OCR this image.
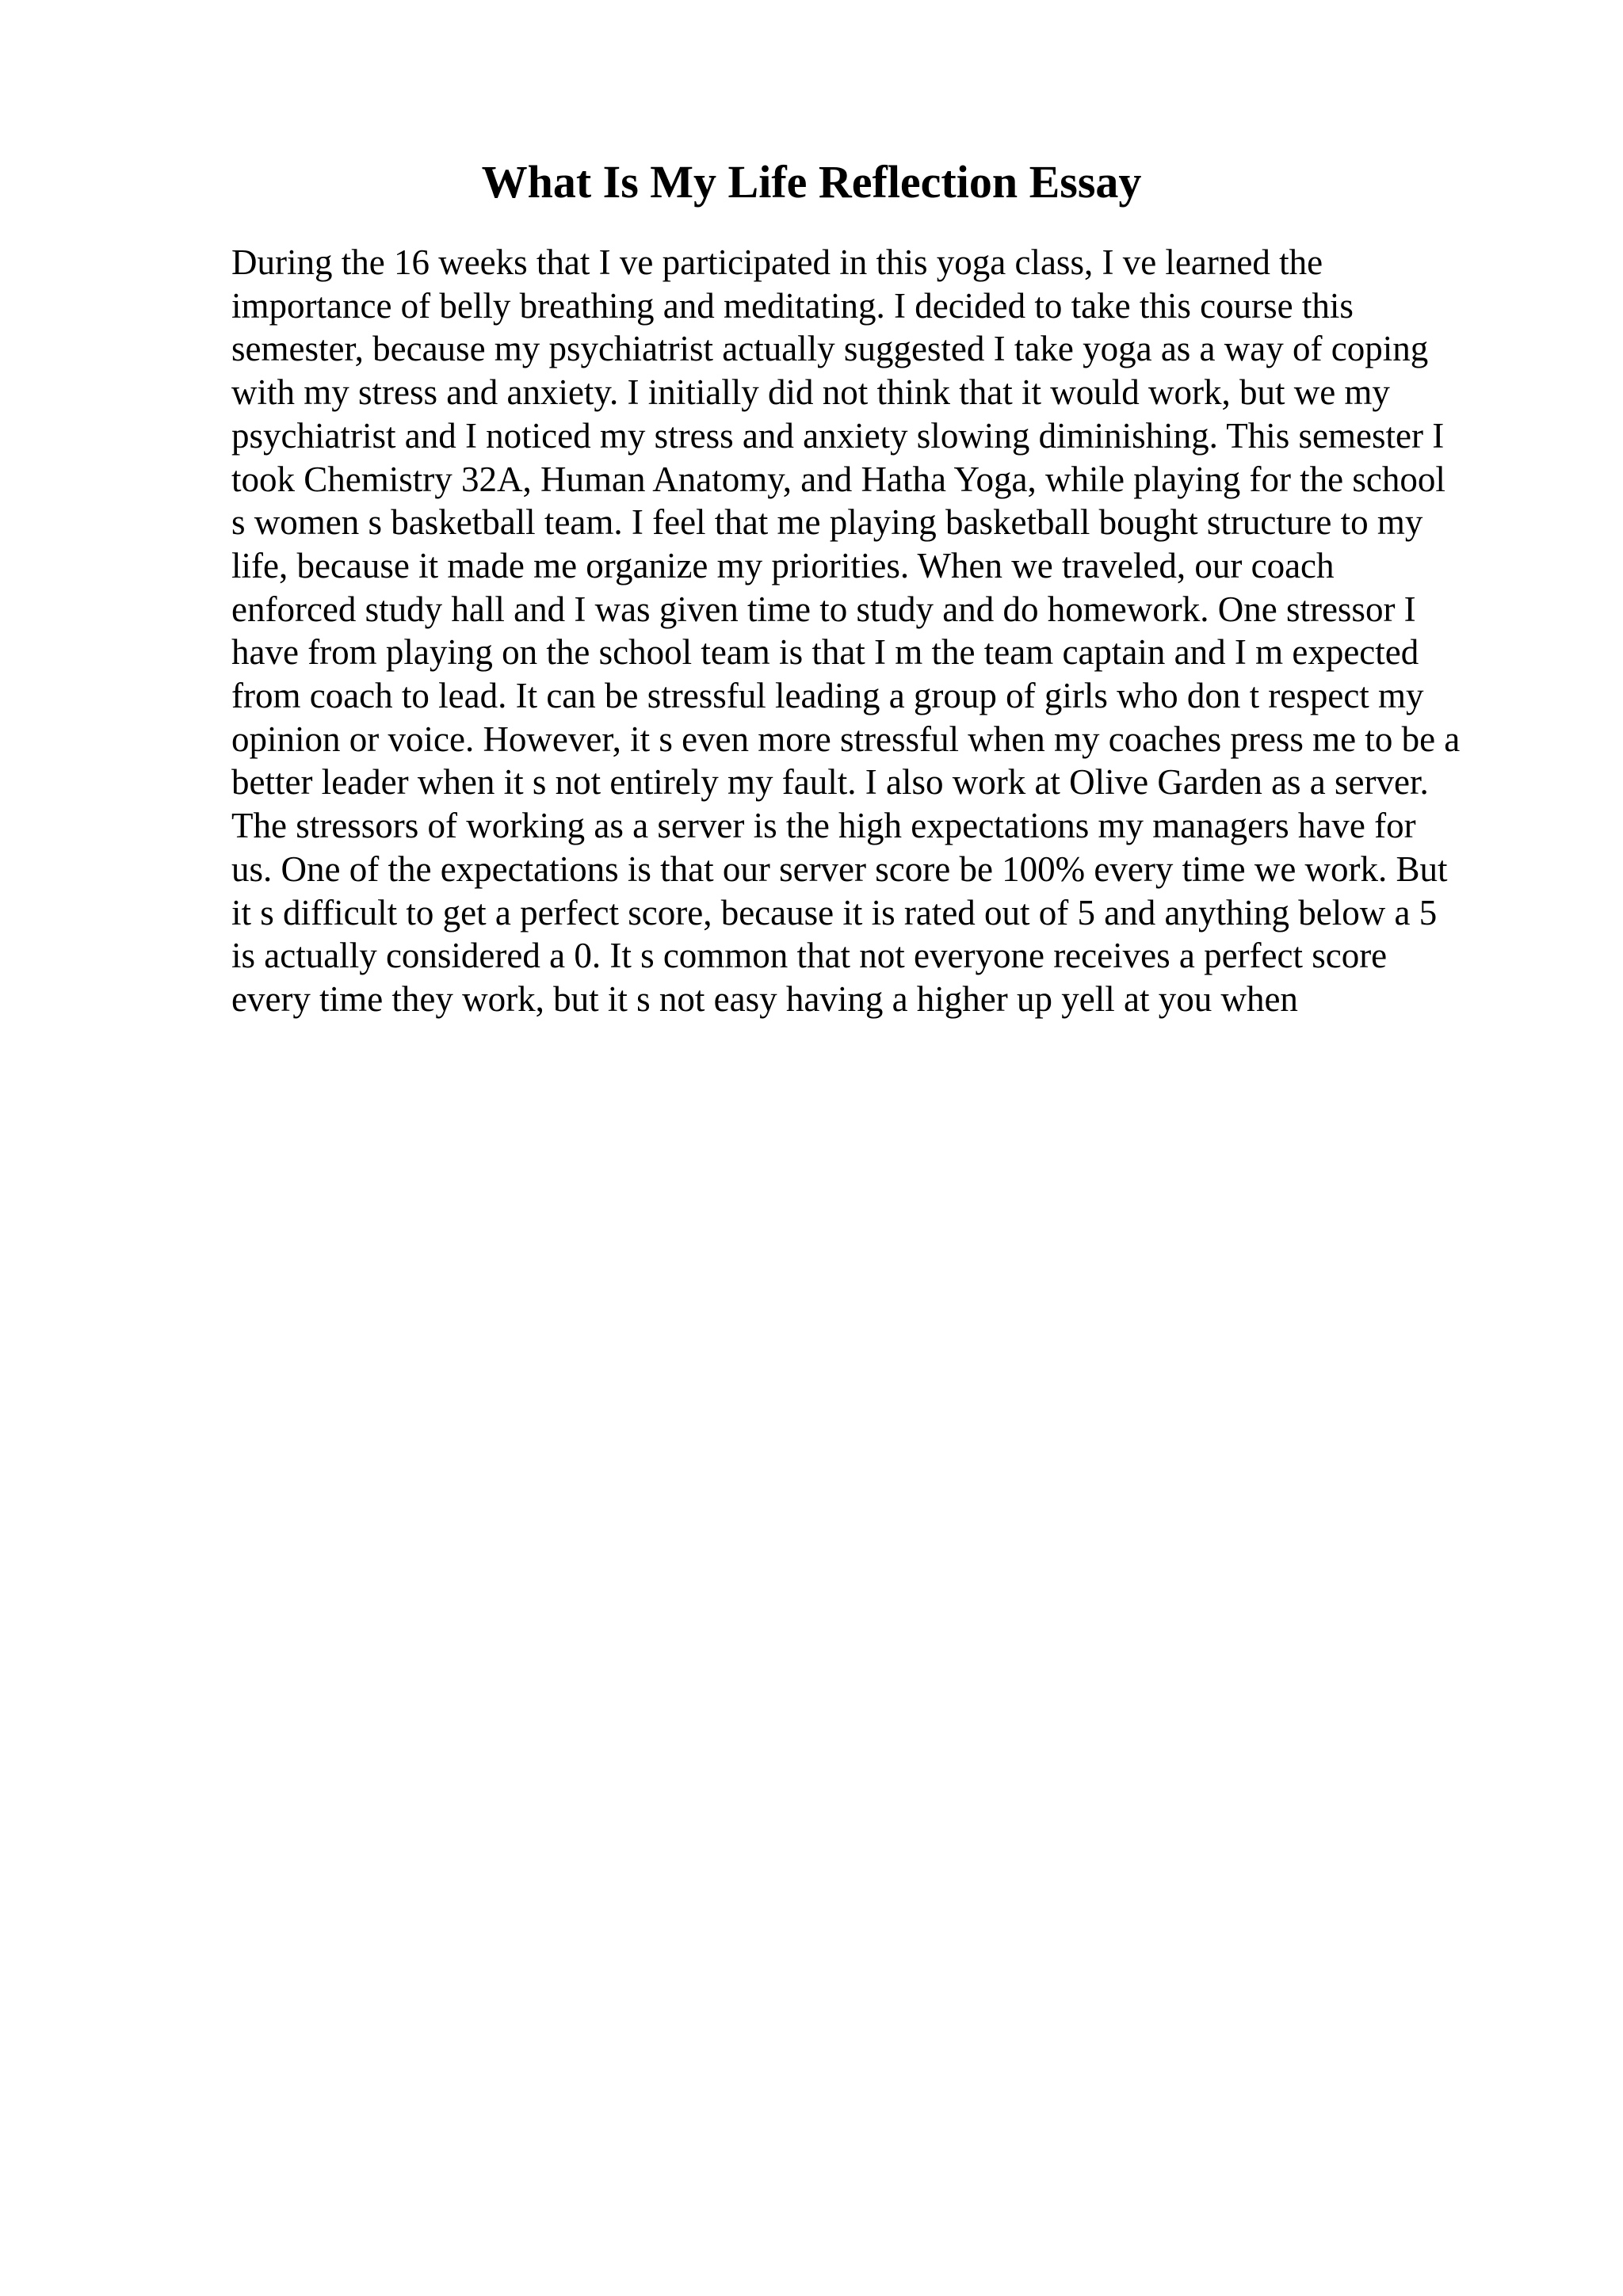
What Is My Life Reflection Essay
During the 16 weeks that I ve participated in this yoga class, I ve learned the
importance of belly breathing and meditating. I decided to take this course this
semester, because my psychiatrist actually suggested I take yoga as a way of coping
with my stress and anxiety. I initially did not think that it would work, but we my
psychiatrist and I noticed my stress and anxiety slowing diminishing. This semester I
took Chemistry 32A, Human Anatomy, and Hatha Yoga, while playing for the school
s women s basketball team. I feel that me playing basketball bought structure to my
life, because it made me organize my priorities. When we traveled, our coach
enforced study hall and I was given time to study and do homework. One stressor I
have from playing on the school team is that I m the team captain and I m expected
from coach to lead. It can be stressful leading a group of girls who don t respect my
opinion or voice. However, it s even more stressful when my coaches press me to be a
better leader when it s not entirely my fault. I also work at Olive Garden as a server.
The stressors of working as a server is the high expectations my managers have for
us. One of the expectations is that our server score be 100% every time we work. But
it s difficult to get a perfect score, because it is rated out of 5 and anything below a 5
is actually considered a 0. It s common that not everyone receives a perfect score
every time they work, but it s not easy having a higher up yell at you when
